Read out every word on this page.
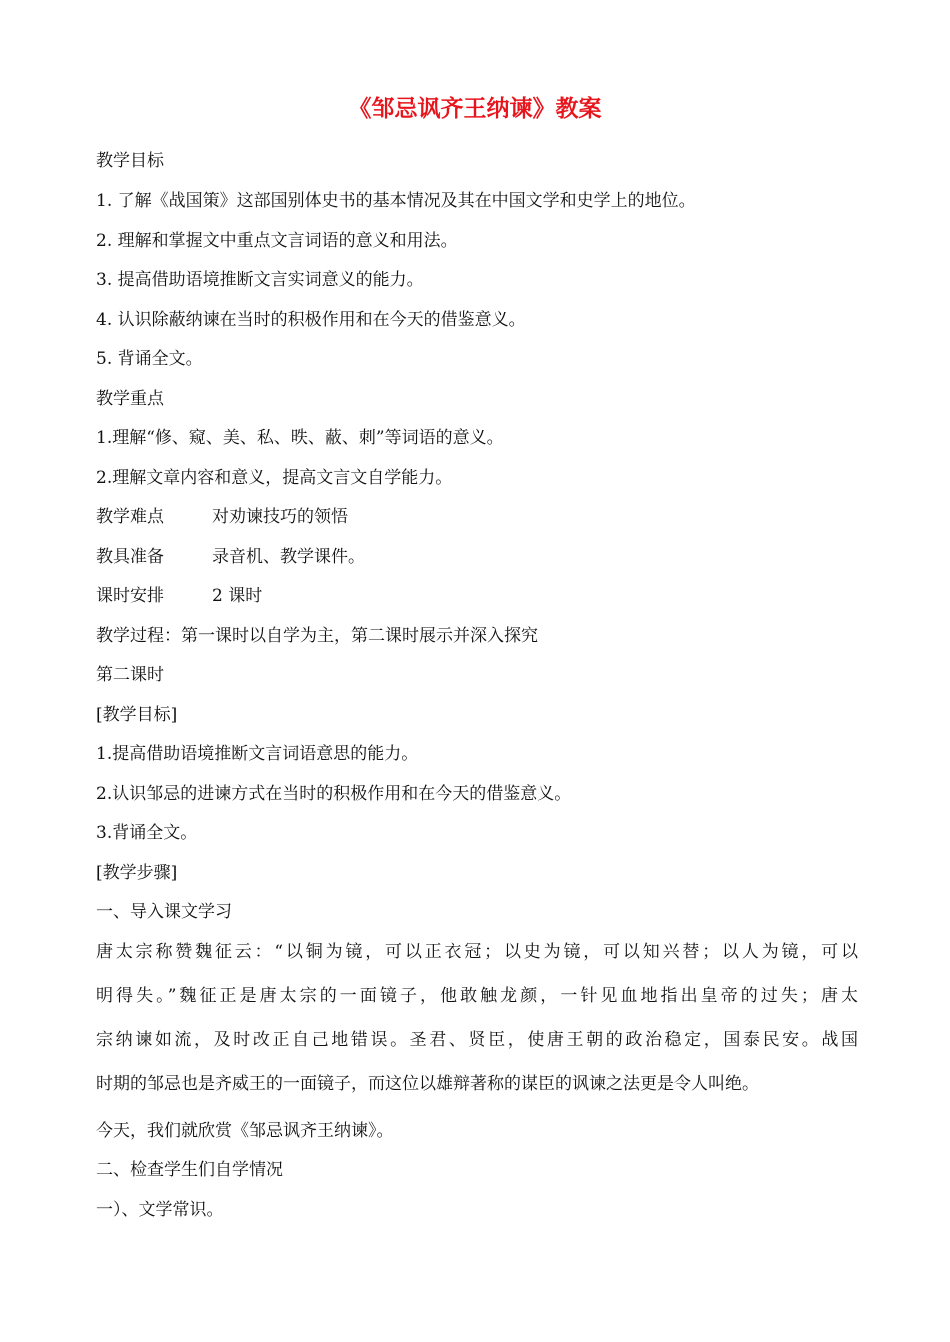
《邹忌讽齐王纳谏》教案
教学目标
1. 了解《战国策》这部国别体史书的基本情况及其在中国文学和史学上的地位。
2. 理解和掌握文中重点文言词语的意义和用法。
3. 提高借助语境推断文言实词意义的能力。
4. 认识除蔽纳谏在当时的积极作用和在今天的借鉴意义。
5. 背诵全文。
教学重点
1.理解“修、窥、美、私、昳、蔽、刺”等词语的意义。
2.理解文章内容和意义，提高文言文自学能力。
教学难点	对劝谏技巧的领悟
教具准备	录音机、教学课件。
课时安排	2 课时
教学过程：第一课时以自学为主，第二课时展示并深入探究
第二课时
[教学目标]
1.提高借助语境推断文言词语意思的能力。
2.认识邹忌的进谏方式在当时的积极作用和在今天的借鉴意义。
3.背诵全文。
[教学步骤]
一、导入课文学习
唐太宗称赞魏征云：“以铜为镜，可以正衣冠；以史为镜，可以知兴替；以人为镜，可以
明得失。”魏征正是唐太宗的一面镜子，他敢触龙颜，一针见血地指出皇帝的过失；唐太
宗纳谏如流，及时改正自己地错误。圣君、贤臣，使唐王朝的政治稳定，国泰民安。战国
时期的邹忌也是齐威王的一面镜子，而这位以雄辩著称的谋臣的讽谏之法更是令人叫绝。
今天，我们就欣赏《邹忌讽齐王纳谏》。
二、检查学生们自学情况
一）、文学常识。
